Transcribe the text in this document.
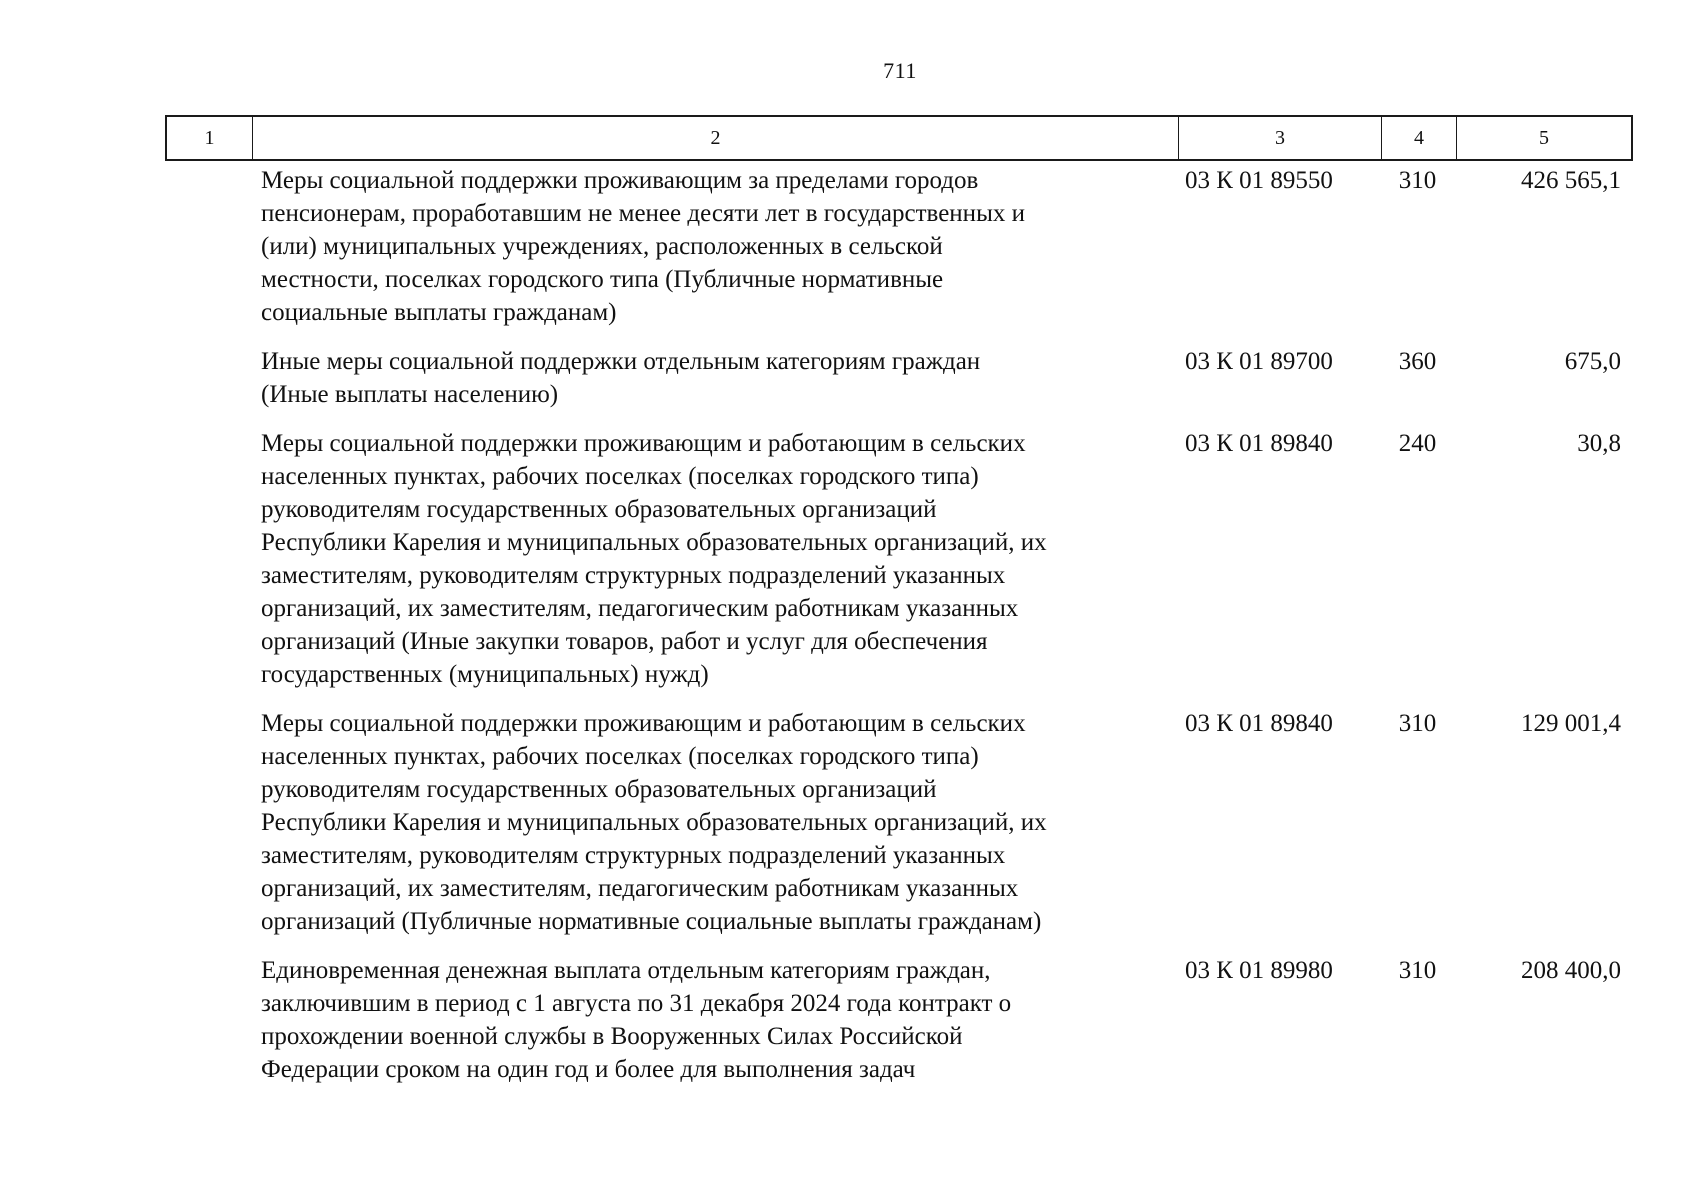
711
1	2	3	4	5
Меры социальной поддержки проживающим за пределами городов
пенсионерам, проработавшим не менее десяти лет в государственных и
(или) муниципальных учреждениях, расположенных в сельской
местности, поселках городского типа (Публичные нормативные
социальные выплаты гражданам)
03 К 01 89550	310	426 565,1
Иные меры социальной поддержки отдельным категориям граждан
(Иные выплаты населению)
03 К 01 89700	360	675,0
Меры социальной поддержки проживающим и работающим в сельских
населенных пунктах, рабочих поселках (поселках городского типа)
руководителям государственных образовательных организаций
Республики Карелия и муниципальных образовательных организаций, их
заместителям, руководителям структурных подразделений указанных
организаций, их заместителям, педагогическим работникам указанных
организаций (Иные закупки товаров, работ и услуг для обеспечения
государственных (муниципальных) нужд)
03 К 01 89840	240	30,8
Меры социальной поддержки проживающим и работающим в сельских
населенных пунктах, рабочих поселках (поселках городского типа)
руководителям государственных образовательных организаций
Республики Карелия и муниципальных образовательных организаций, их
заместителям, руководителям структурных подразделений указанных
организаций, их заместителям, педагогическим работникам указанных
организаций (Публичные нормативные социальные выплаты гражданам)
03 К 01 89840	310	129 001,4
Единовременная денежная выплата отдельным категориям граждан,
заключившим в период с 1 августа по 31 декабря 2024 года контракт о
прохождении военной службы в Вооруженных Силах Российской
Федерации сроком на один год и более для выполнения задач
03 К 01 89980	310	208 400,0
